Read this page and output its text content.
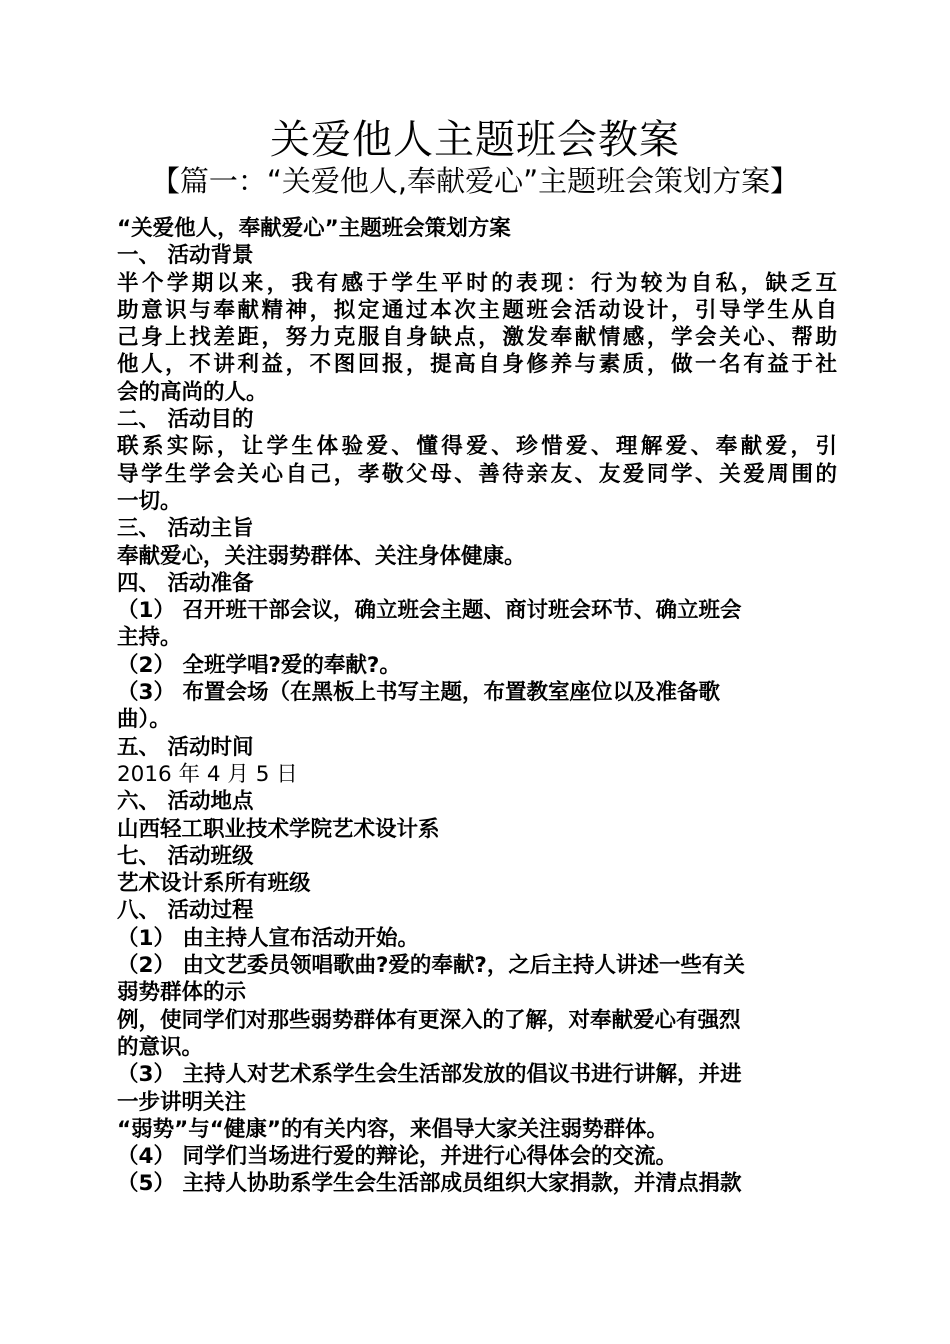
关爱他人主题班会教案
【篇一：“关爱他人,奉献爱心”主题班会策划方案】
“关爱他人，奉献爱心”主题班会策划方案
一、 活动背景
半个学期以来，我有感于学生平时的表现：行为较为自私，缺乏互
助意识与奉献精神，拟定通过本次主题班会活动设计，引导学生从自
己身上找差距，努力克服自身缺点，激发奉献情感，学会关心、帮助
他人，不讲利益，不图回报，提高自身修养与素质，做一名有益于社
会的高尚的人。
二、 活动目的
联系实际，让学生体验爱、懂得爱、珍惜爱、理解爱、奉献爱，引
导学生学会关心自己，孝敬父母、善待亲友、友爱同学、关爱周围的
一切。
三、 活动主旨
奉献爱心，关注弱势群体、关注身体健康。
四、 活动准备
（1） 召开班干部会议，确立班会主题、商讨班会环节、确立班会
主持。
（2） 全班学唱?爱的奉献?。
（3） 布置会场（在黑板上书写主题，布置教室座位以及准备歌
曲）。
五、 活动时间
2016 年 4 月 5 日
六、 活动地点
山西轻工职业技术学院艺术设计系
七、 活动班级
艺术设计系所有班级
八、 活动过程
（1） 由主持人宣布活动开始。
（2） 由文艺委员领唱歌曲?爱的奉献?，之后主持人讲述一些有关
弱势群体的示
例，使同学们对那些弱势群体有更深入的了解，对奉献爱心有强烈
的意识。
（3） 主持人对艺术系学生会生活部发放的倡议书进行讲解，并进
一步讲明关注
“弱势”与“健康”的有关内容，来倡导大家关注弱势群体。
（4） 同学们当场进行爱的辩论，并进行心得体会的交流。
（5） 主持人协助系学生会生活部成员组织大家捐款，并清点捐款
